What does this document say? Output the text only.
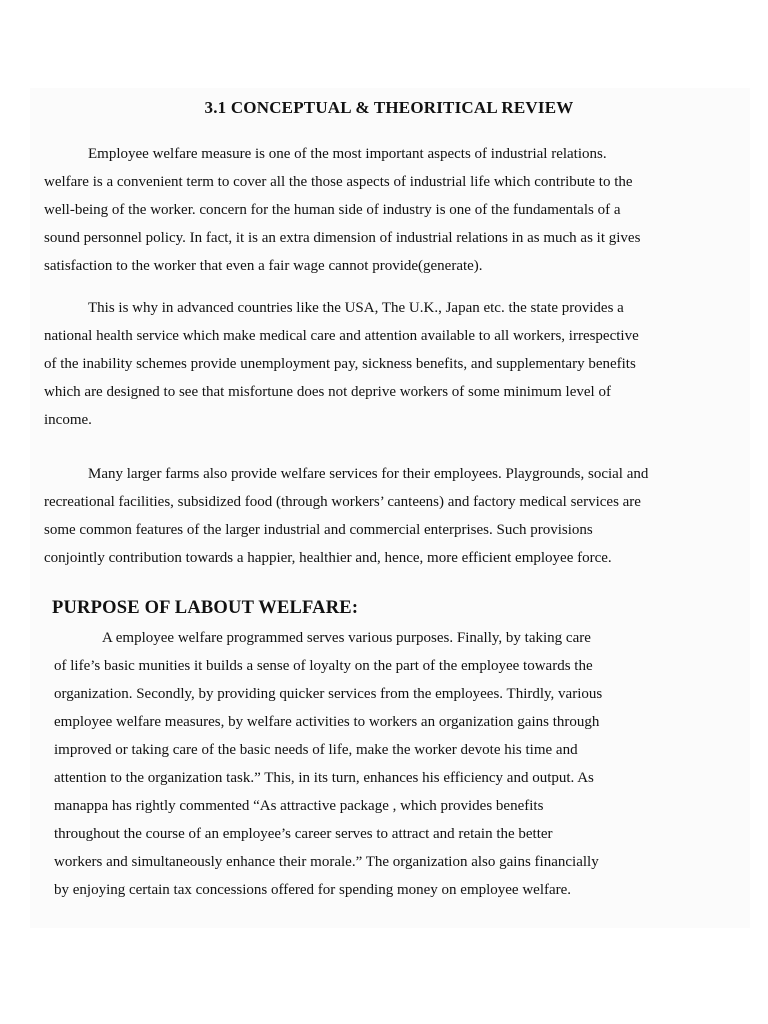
3.1 CONCEPTUAL & THEORITICAL REVIEW
Employee welfare measure is one of the most important aspects of industrial relations.
welfare is a convenient term to cover all the those aspects of industrial life which contribute to the
well-being of the worker. concern for the human side of industry is one of the fundamentals of a
sound personnel policy. In fact, it is an extra dimension of industrial relations in as much as it gives
satisfaction to the worker that even a fair wage cannot provide(generate).
This is why in advanced countries like the USA, The U.K., Japan etc. the state provides a
national health service which make medical care and attention available to all workers, irrespective
of the inability schemes provide unemployment pay, sickness benefits, and supplementary benefits
which are designed to see that misfortune does not deprive workers of some minimum level of
income.
Many larger farms also provide welfare services for their employees. Playgrounds, social and
recreational facilities, subsidized food (through workers’ canteens) and factory medical services are
some common features of the larger industrial and commercial enterprises. Such provisions
conjointly contribution towards a happier, healthier and, hence, more efficient employee force.
PURPOSE OF LABOUT WELFARE:
A employee welfare programmed serves various purposes. Finally, by taking care
of life’s basic munities it builds a sense of loyalty on the part of the employee towards the
organization. Secondly, by providing quicker services from the employees. Thirdly, various
employee welfare measures, by welfare activities to workers an organization gains through
improved or taking care of the basic needs of life, make the worker devote his time and
attention to the organization task.” This, in its turn, enhances his efficiency and output. As
manappa has rightly commented “As attractive package , which provides benefits
throughout the course of an employee’s career serves to attract and retain the better
workers and simultaneously enhance their morale.” The organization also gains financially
by enjoying certain tax concessions offered for spending money on employee welfare.
